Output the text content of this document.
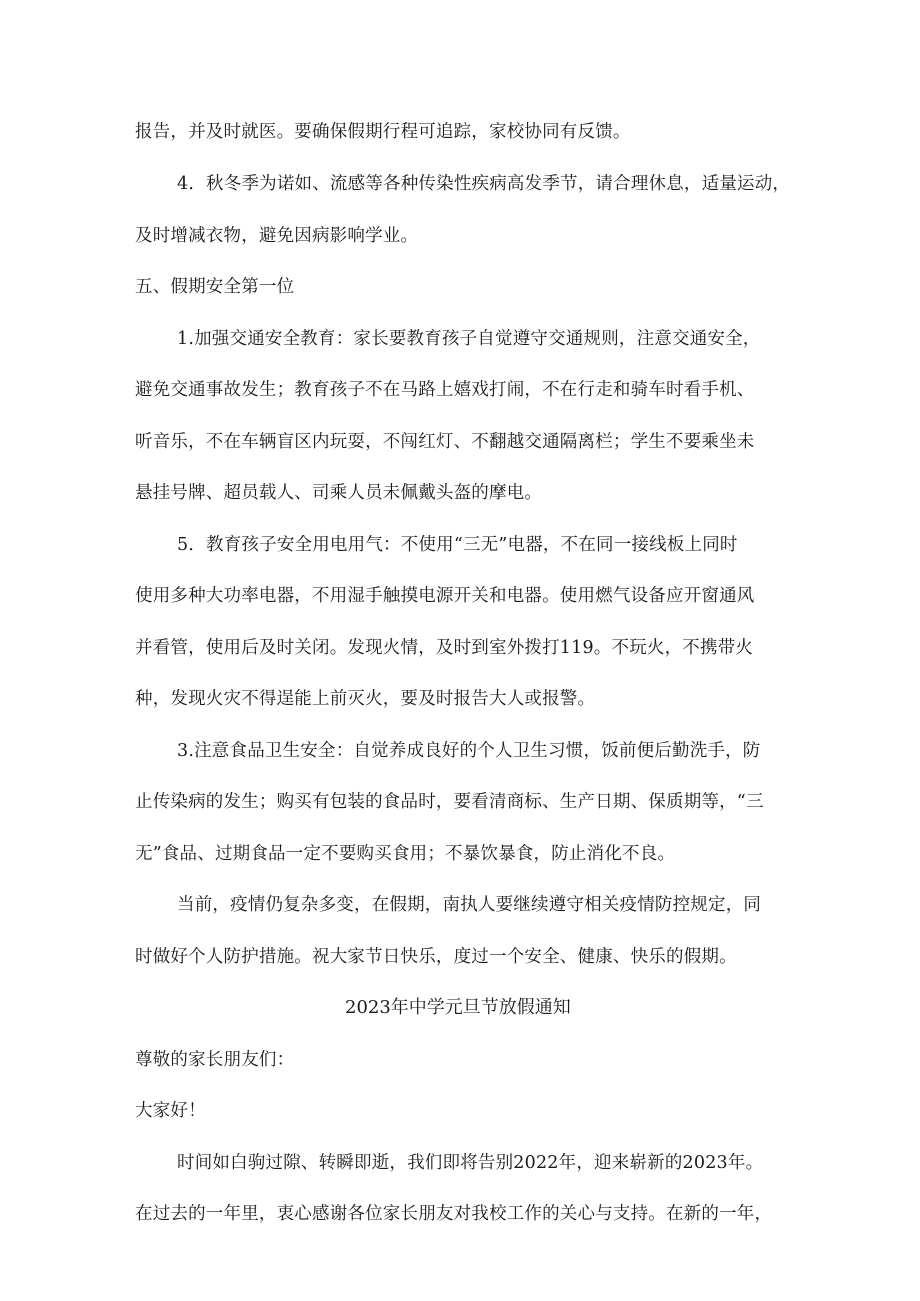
报告，并及时就医。要确保假期行程可追踪，家校协同有反馈。
4．秋冬季为诺如、流感等各种传染性疾病高发季节，请合理休息，适量运动，
及时增减衣物，避免因病影响学业。
五、假期安全第一位
1.加强交通安全教育：家长要教育孩子自觉遵守交通规则，注意交通安全，
避免交通事故发生；教育孩子不在马路上嬉戏打闹，不在行走和骑车时看手机、
听音乐，不在车辆盲区内玩耍，不闯红灯、不翻越交通隔离栏；学生不要乘坐未
悬挂号牌、超员载人、司乘人员未佩戴头盔的摩电。
5．教育孩子安全用电用气：不使用“三无”电器，不在同一接线板上同时
使用多种大功率电器，不用湿手触摸电源开关和电器。使用燃气设备应开窗通风
并看管，使用后及时关闭。发现火情，及时到室外拨打119。不玩火，不携带火
种，发现火灾不得逞能上前灭火，要及时报告大人或报警。
3.注意食品卫生安全：自觉养成良好的个人卫生习惯，饭前便后勤洗手，防
止传染病的发生；购买有包装的食品时，要看清商标、生产日期、保质期等，“三
无”食品、过期食品一定不要购买食用；不暴饮暴食，防止消化不良。
当前，疫情仍复杂多变，在假期，南执人要继续遵守相关疫情防控规定，同
时做好个人防护措施。祝大家节日快乐，度过一个安全、健康、快乐的假期。
2023年中学元旦节放假通知
尊敬的家长朋友们：
大家好！
时间如白驹过隙、转瞬即逝，我们即将告别2022年，迎来崭新的2023年。
在过去的一年里，衷心感谢各位家长朋友对我校工作的关心与支持。在新的一年，
